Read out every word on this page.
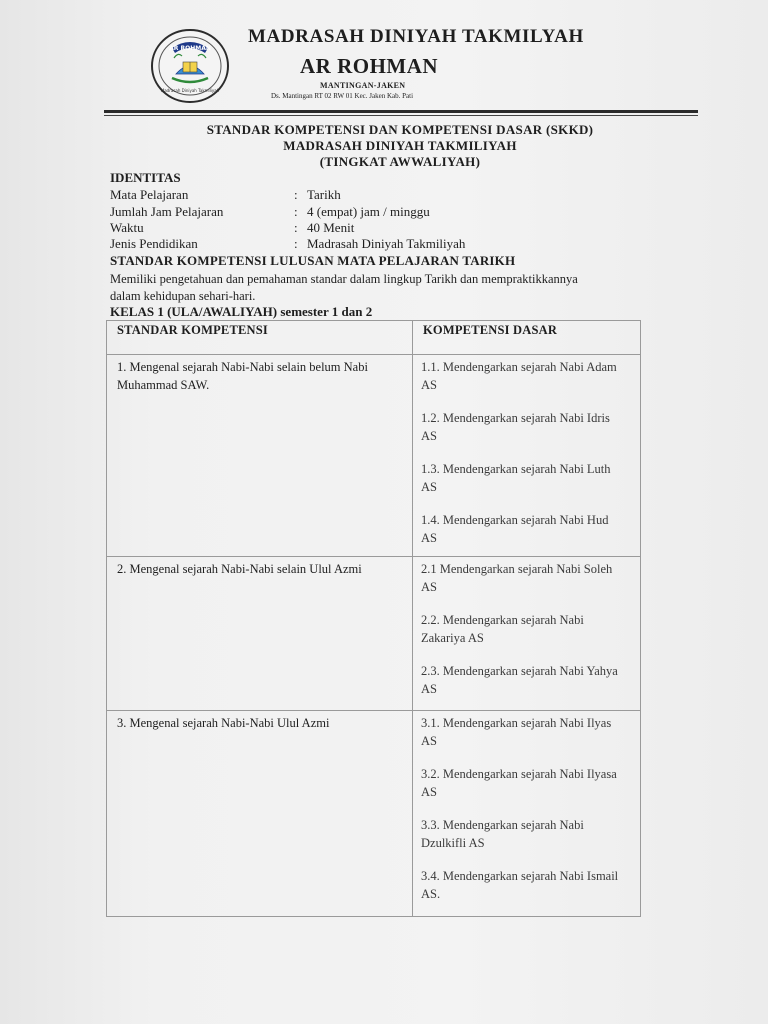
AR ROHMAN
Madrasah Diniyah Takmiliyah
MADRASAH DINIYAH TAKMILYAH
AR ROHMAN
MANTINGAN-JAKEN
Ds. Mantingan RT 02 RW 01 Kec. Jaken Kab. Pati
STANDAR KOMPETENSI DAN KOMPETENSI DASAR (SKKD)
MADRASAH DINIYAH TAKMILIYAH
(TINGKAT AWWALIYAH)
IDENTITAS
Mata Pelajaran	: Tarikh
Jumlah Jam Pelajaran	: 4 (empat) jam / minggu
Waktu	: 40 Menit
Jenis Pendidikan	: Madrasah Diniyah Takmiliyah
STANDAR KOMPETENSI LULUSAN MATA PELAJARAN TARIKH
Memiliki pengetahuan dan pemahaman standar dalam lingkup Tarikh dan mempraktikkannya dalam kehidupan sehari-hari.
KELAS 1 (ULA/AWALIYAH) semester 1 dan 2
STANDAR KOMPETENSI	KOMPETENSI DASAR
1. Mengenal sejarah Nabi-Nabi selain belum Nabi Muhammad SAW.	1.1. Mendengarkan sejarah Nabi Adam AS
1.2. Mendengarkan sejarah Nabi Idris AS
1.3. Mendengarkan sejarah Nabi Luth AS
1.4. Mendengarkan sejarah Nabi Hud AS

2. Mengenal sejarah Nabi-Nabi selain Ulul Azmi	2.1 Mendengarkan sejarah Nabi Soleh AS
2.2. Mendengarkan sejarah Nabi Zakariya AS
2.3. Mendengarkan sejarah Nabi Yahya AS

3. Mengenal sejarah Nabi-Nabi Ulul Azmi	3.1. Mendengarkan sejarah Nabi Ilyas AS
3.2. Mendengarkan sejarah Nabi Ilyasa AS
3.3. Mendengarkan sejarah Nabi Dzulkifli AS
3.4. Mendengarkan sejarah Nabi Ismail AS.
